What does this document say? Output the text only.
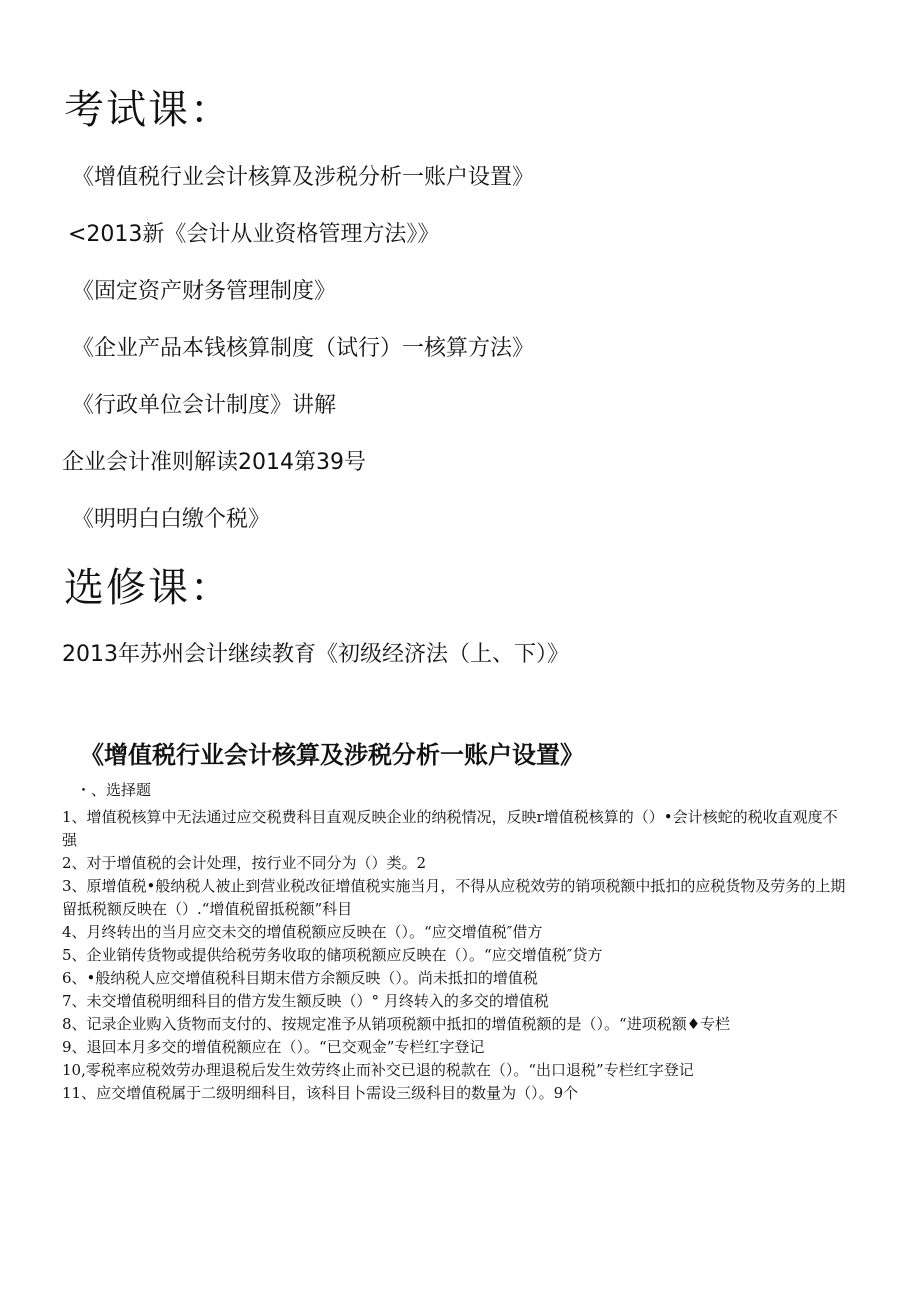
考试课：

《增值税行业会计核算及涉税分析一账户设置》

<2013新《会计从业资格管理方法》》

《固定资产财务管理制度》

《企业产品本钱核算制度（试行）一核算方法》

《行政单位会计制度》讲解

企业会计准则解读2014第39号

《明明白白缴个税》

选修课：

2013年苏州会计继续教育《初级经济法（上、下）》

《增值税行业会计核算及涉税分析一账户设置》
・、选择题
1、增值税核算中无法通过应交税费科目直观反映企业的纳税情况，反映r增值税核算的（）•会计核蛇的税收直观度不强
2、对于增值税的会计处理，按行业不同分为（）类。2
3、原增值税•般纳税人被止到营业税改征增值税实施当月，不得从应税效劳的销项税额中抵扣的应税货物及劳务的上期留抵税额反映在（）.“增值税留抵税额”科目
4、月终转出的当月应交未交的增值税额应反映在（）。“应交增值税″借方
5、企业销传货物或提供给税劳务收取的储项税额应反映在（）。“应交增值税″贷方
6、•般纳税人应交增值税科目期末借方余额反映（）。尚未抵扣的增值税
7、未交增值税明细科目的借方发生额反映（）° 月终转入的多交的增值税
8、记录企业购入货物而支付的、按规定准予从销项税额中抵扣的增值税额的是（）。“进项税额♦专栏
9、退回本月多交的增值税额应在（）。“已交观金”专栏红字登记
10,零税率应税效劳办理退税后发生效劳终止而补交已退的税款在（）。“出口退税”专栏红字登记
11、应交增值税属于二级明细科目，该科目卜需设三级科目的数量为（）。9个
